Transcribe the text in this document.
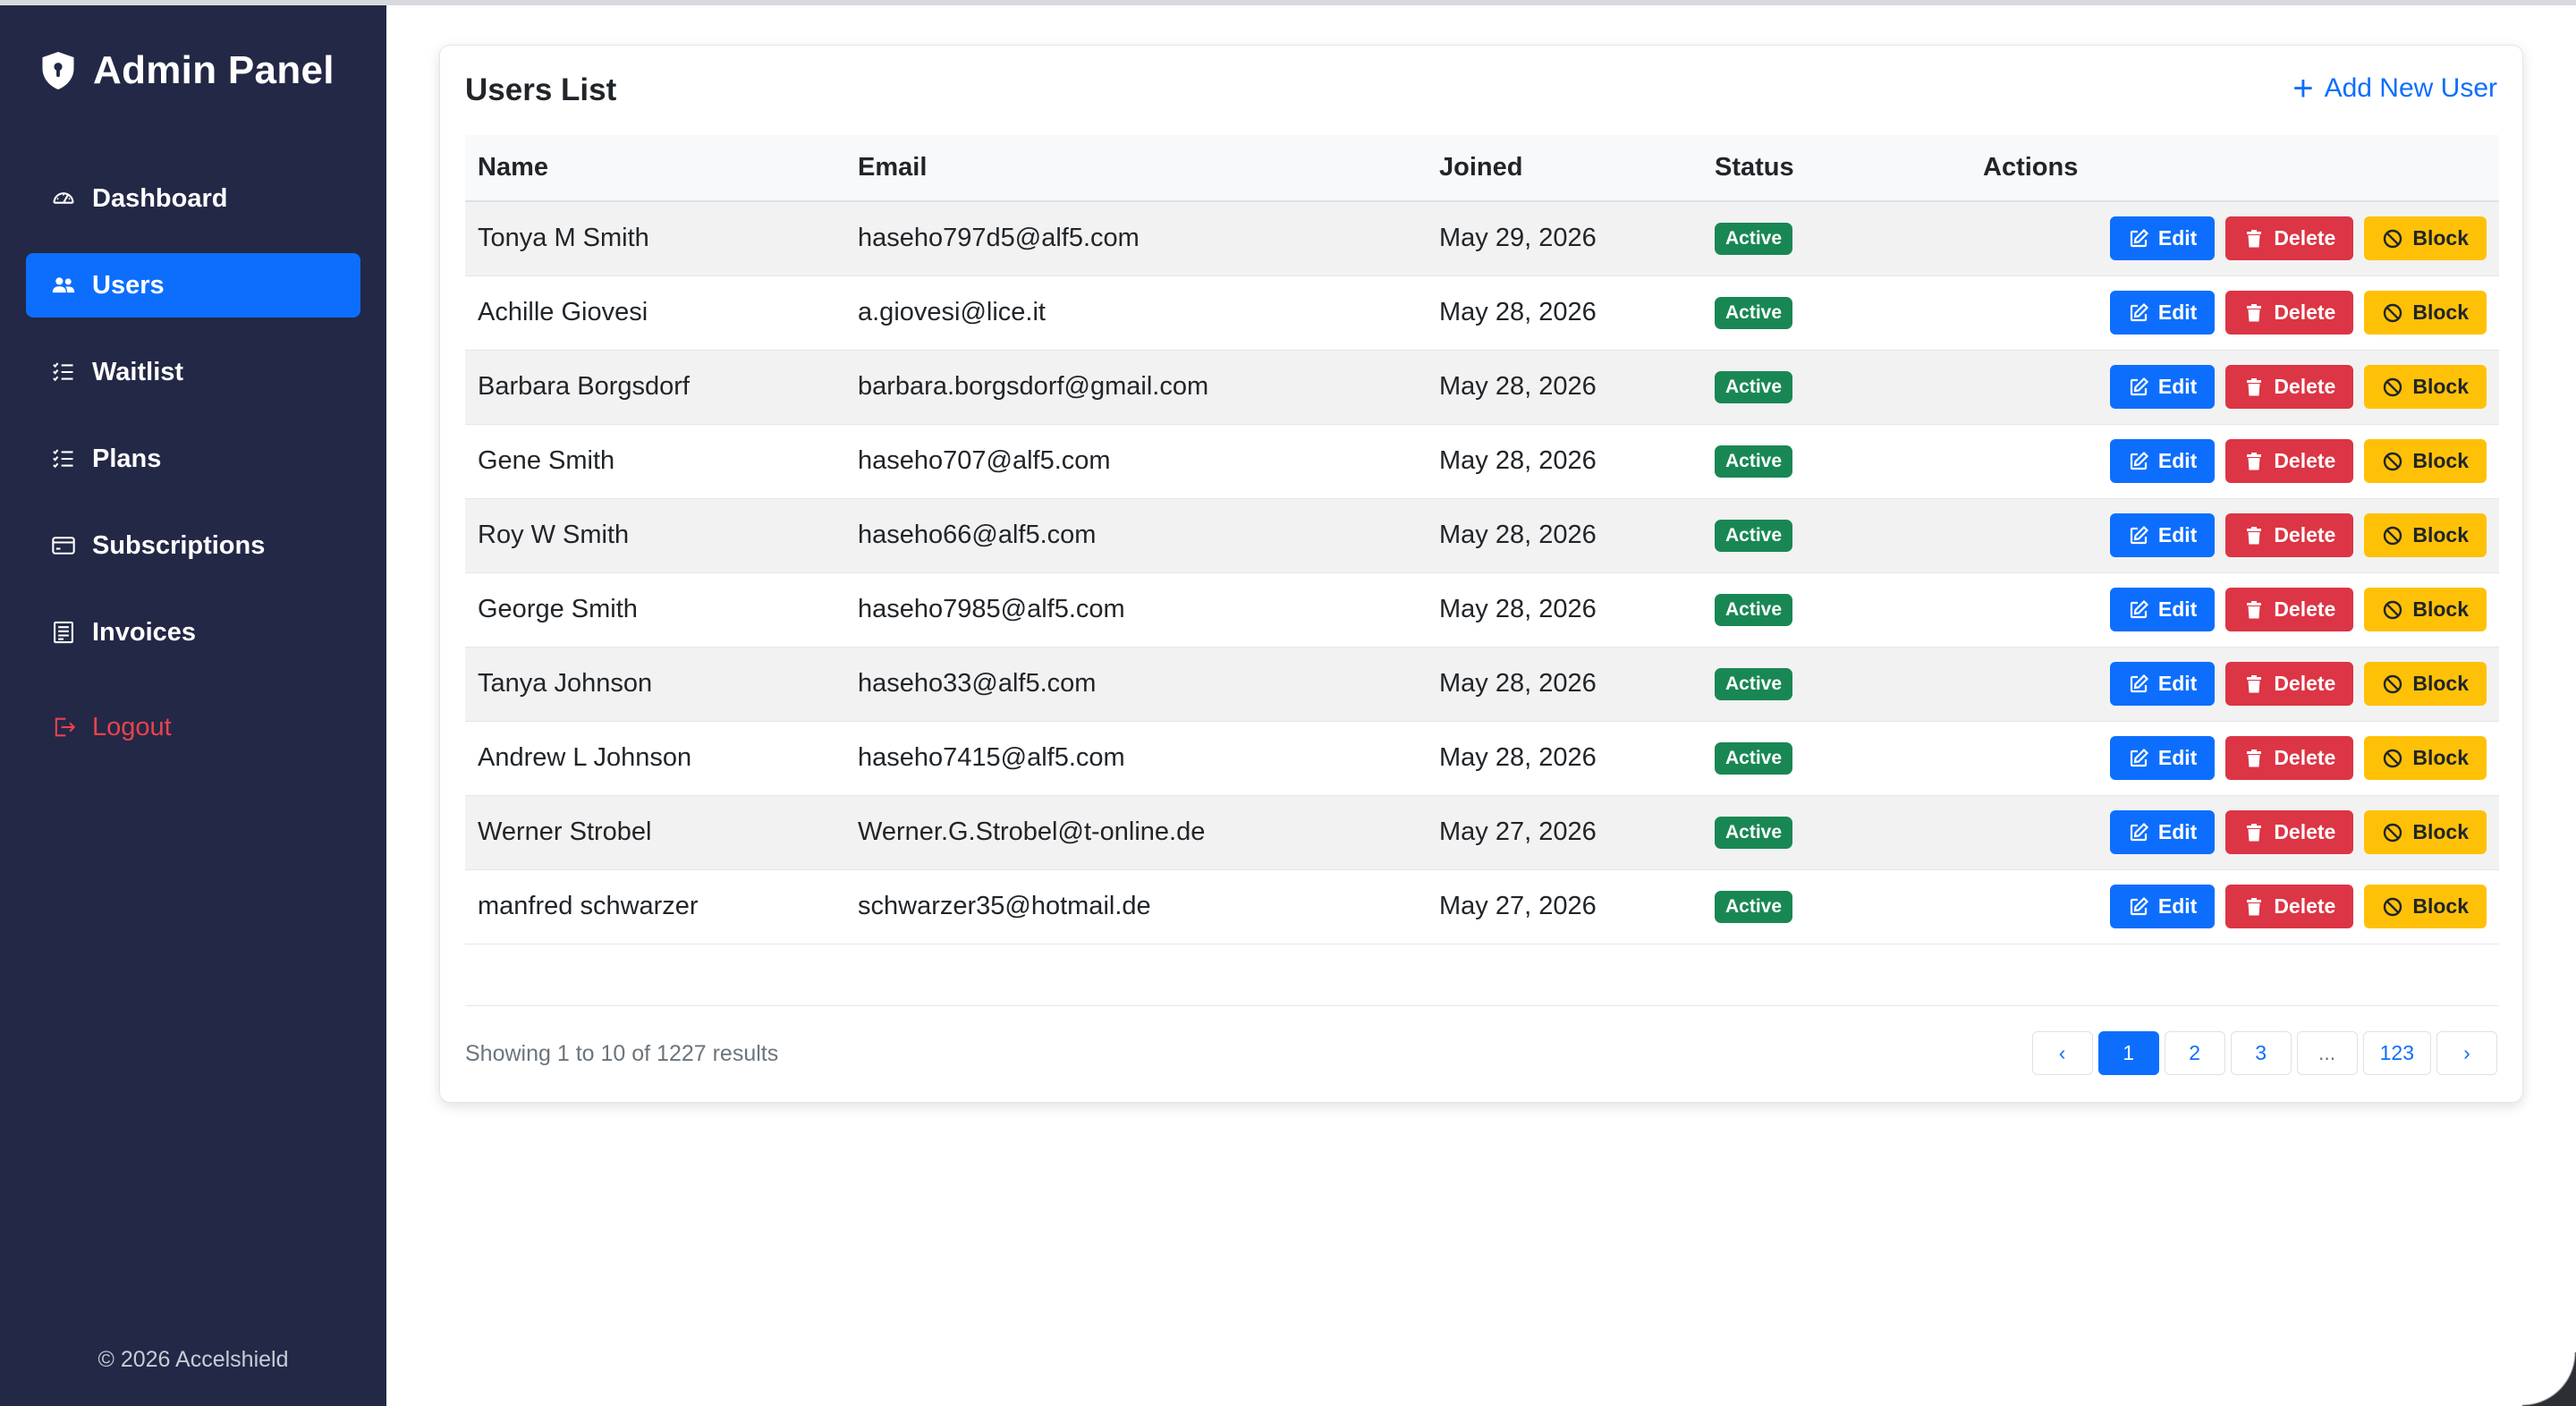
Admin Panel
Dashboard
Users
Waitlist
Plans
Subscriptions
Invoices
Logout
© 2026 Accelshield
Users List	+ Add New User
Name	Email	Joined	Status	Actions
Tonya M Smith	haseho797d5@alf5.com	May 29, 2026	Active	Edit Delete Block

Achille Giovesi	a.giovesi@lice.it	May 28, 2026	Active	Edit Delete Block

Barbara Borgsdorf	barbara.borgsdorf@gmail.com	May 28, 2026	Active	Edit Delete Block

Gene Smith	haseho707@alf5.com	May 28, 2026	Active	Edit Delete Block

Roy W Smith	haseho66@alf5.com	May 28, 2026	Active	Edit Delete Block

George Smith	haseho7985@alf5.com	May 28, 2026	Active	Edit Delete Block

Tanya Johnson	haseho33@alf5.com	May 28, 2026	Active	Edit Delete Block

Andrew L Johnson	haseho7415@alf5.com	May 28, 2026	Active	Edit Delete Block

Werner Strobel	Werner.G.Strobel@t-online.de	May 27, 2026	Active	Edit Delete Block

manfred schwarzer	schwarzer35@hotmail.de	May 27, 2026	Active	Edit Delete Block
Showing 1 to 10 of 1227 results	‹	1	2	3	...	123	›
